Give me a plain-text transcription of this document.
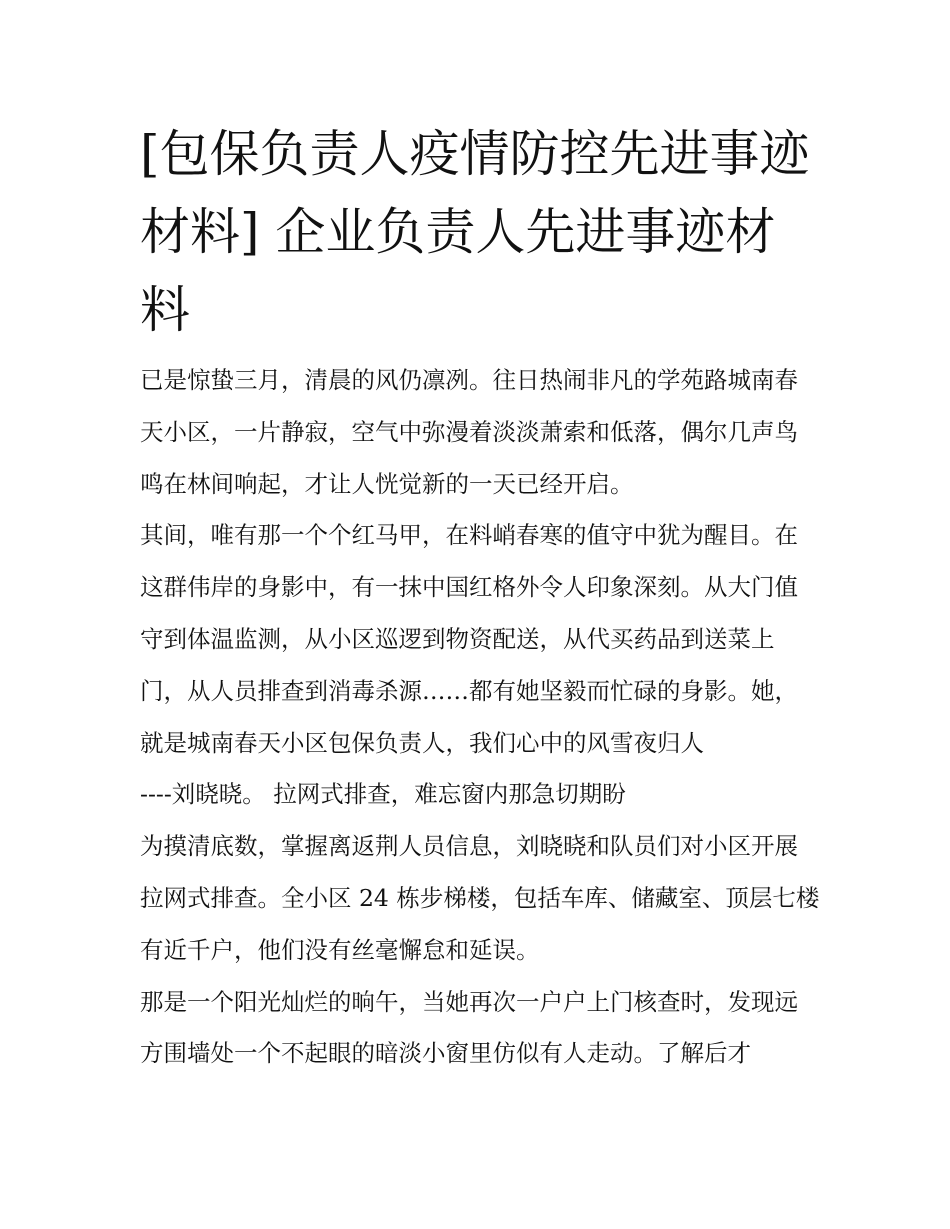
[包保负责人疫情防控先进事迹材料] 企业负责人先进事迹材料

已是惊蛰三月，清晨的风仍凛冽。往日热闹非凡的学苑路城南春天小区，一片静寂，空气中弥漫着淡淡萧索和低落，偶尔几声鸟鸣在林间响起，才让人恍觉新的一天已经开启。

其间，唯有那一个个红马甲，在料峭春寒的值守中犹为醒目。在这群伟岸的身影中，有一抹中国红格外令人印象深刻。从大门值守到体温监测，从小区巡逻到物资配送，从代买药品到送菜上门，从人员排查到消毒杀源……都有她坚毅而忙碌的身影。她，就是城南春天小区包保负责人，我们心中的风雪夜归人

----刘晓晓。 拉网式排查，难忘窗内那急切期盼

为摸清底数，掌握离返荆人员信息，刘晓晓和队员们对小区开展拉网式排查。全小区 24 栋步梯楼，包括车库、储藏室、顶层七楼有近千户，他们没有丝毫懈怠和延误。

那是一个阳光灿烂的晌午，当她再次一户户上门核查时，发现远方围墙处一个不起眼的暗淡小窗里仿似有人走动。了解后才
